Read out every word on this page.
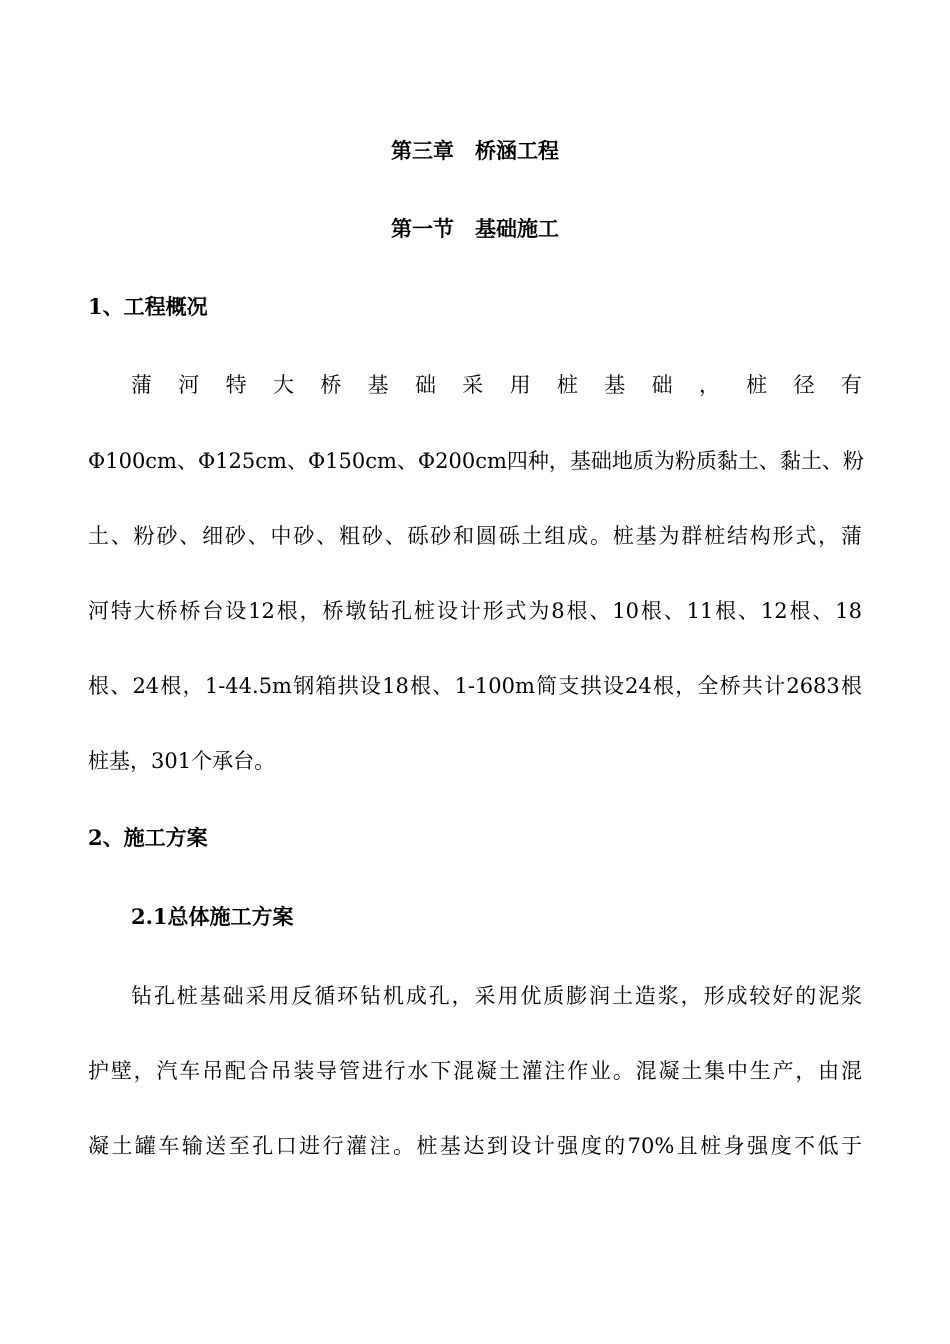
第三章　桥涵工程
第一节　基础施工
1、工程概况
蒲 河 特 大 桥 基 础 采 用 桩 基 础 ， 桩 径 有
Φ100cm、Φ125cm、Φ150cm、Φ200cm四种，基础地质为粉质黏土、黏土、粉
土、粉砂、细砂、中砂、粗砂、砾砂和圆砾土组成。桩基为群桩结构形式，蒲
河特大桥桥台设12根，桥墩钻孔桩设计形式为8根、10根、11根、12根、18
根、24根，1-44.5m钢箱拱设18根、1-100m简支拱设24根，全桥共计2683根
桩基，301个承台。
2、施工方案
2.1总体施工方案
钻孔桩基础采用反循环钻机成孔，采用优质膨润土造浆，形成较好的泥浆
护壁，汽车吊配合吊装导管进行水下混凝土灌注作业。混凝土集中生产，由混
凝土罐车输送至孔口进行灌注。桩基达到设计强度的70%且桩身强度不低于
